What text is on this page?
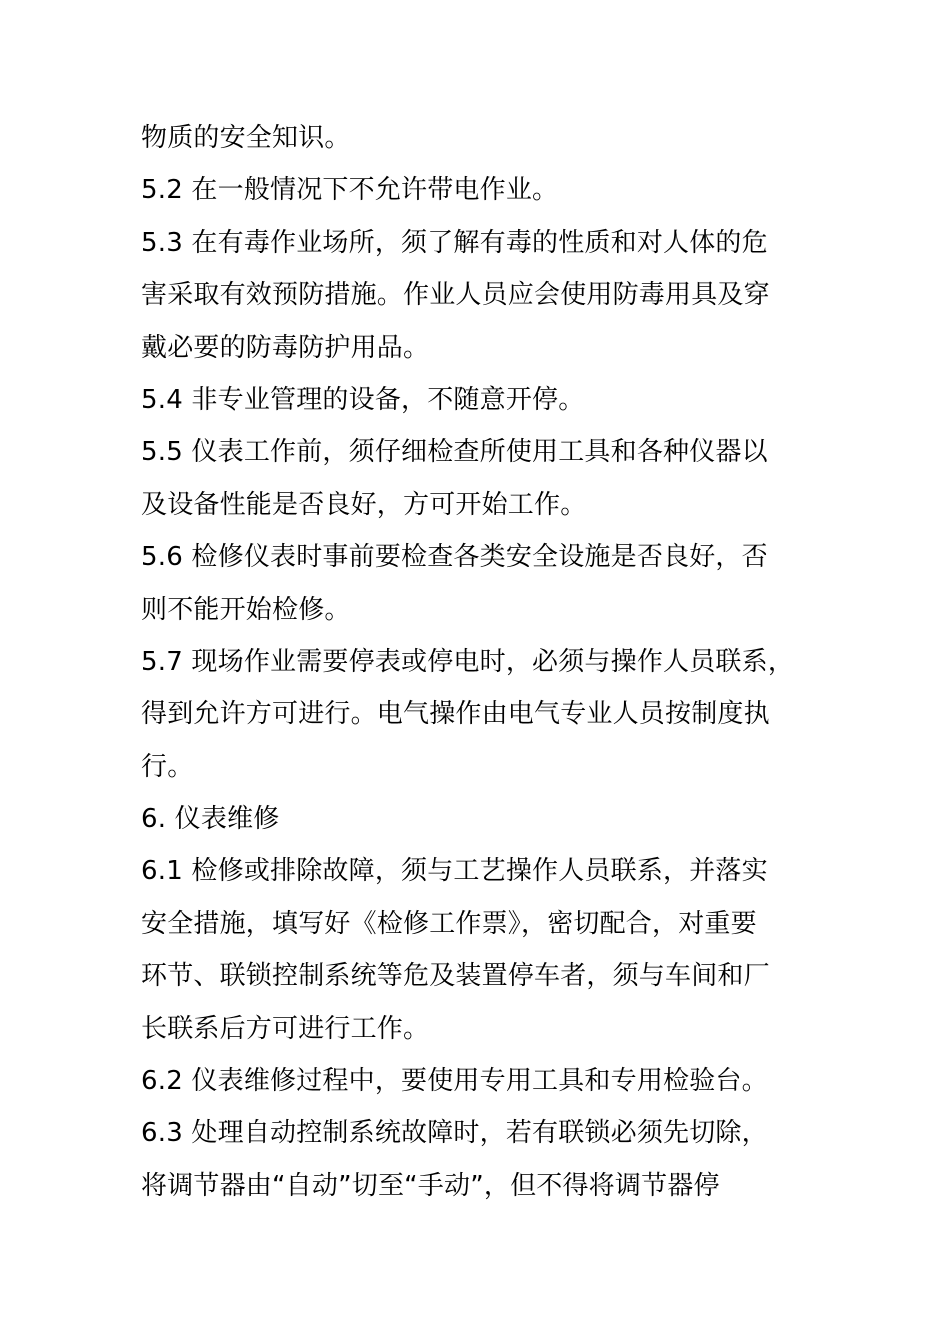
物质的安全知识。
5.2 在一般情况下不允许带电作业。
5.3 在有毒作业场所，须了解有毒的性质和对人体的危
害采取有效预防措施。作业人员应会使用防毒用具及穿
戴必要的防毒防护用品。
5.4 非专业管理的设备，不随意开停。
5.5 仪表工作前，须仔细检查所使用工具和各种仪器以
及设备性能是否良好，方可开始工作。
5.6 检修仪表时事前要检查各类安全设施是否良好，否
则不能开始检修。
5.7 现场作业需要停表或停电时，必须与操作人员联系，
得到允许方可进行。电气操作由电气专业人员按制度执
行。
6. 仪表维修
6.1 检修或排除故障，须与工艺操作人员联系，并落实
安全措施，填写好《检修工作票》，密切配合，对重要
环节、联锁控制系统等危及装置停车者，须与车间和厂
长联系后方可进行工作。
6.2 仪表维修过程中，要使用专用工具和专用检验台。
6.3 处理自动控制系统故障时，若有联锁必须先切除，
将调节器由“自动”切至“手动”，但不得将调节器停
